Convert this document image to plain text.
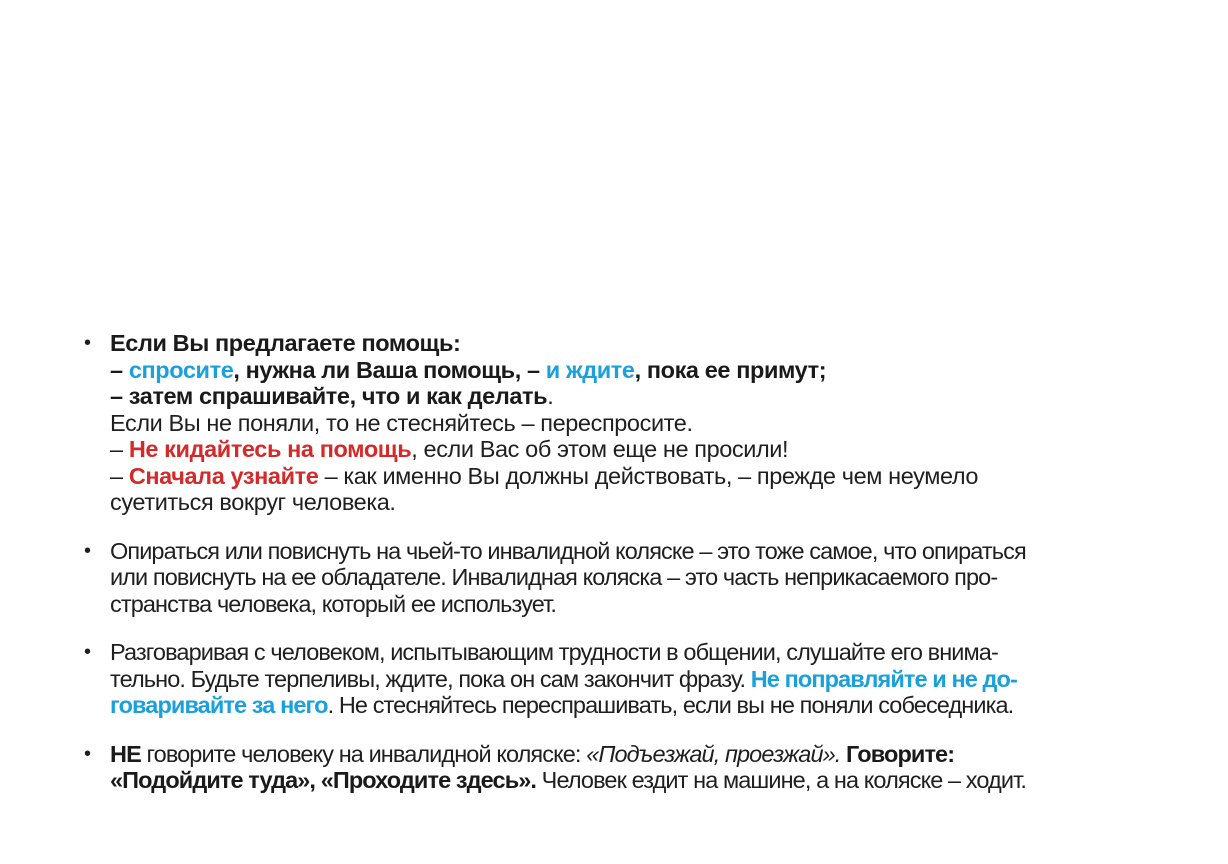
• Если Вы предлагаете помощь:
– спросите, нужна ли Ваша помощь, – и ждите, пока ее примут;
– затем спрашивайте, что и как делать.
Если Вы не поняли, то не стесняйтесь – переспросите.
– Не кидайтесь на помощь, если Вас об этом еще не просили!
– Сначала узнайте – как именно Вы должны действовать, – прежде чем неумело
суетиться вокруг человека.
• Опираться или повиснуть на чьей-то инвалидной коляске – это тоже самое, что опираться
или повиснуть на ее обладателе. Инвалидная коляска – это часть неприкасаемого про-
странства человека, который ее использует.
• Разговаривая с человеком, испытывающим трудности в общении, слушайте его внима-
тельно. Будьте терпеливы, ждите, пока он сам закончит фразу. Не поправляйте и не до-
говаривайте за него. Не стесняйтесь переспрашивать, если вы не поняли собеседника.
• НЕ говорите человеку на инвалидной коляске: «Подъезжай, проезжай». Говорите:
«Подойдите туда», «Проходите здесь». Человек ездит на машине, а на коляске – ходит.
